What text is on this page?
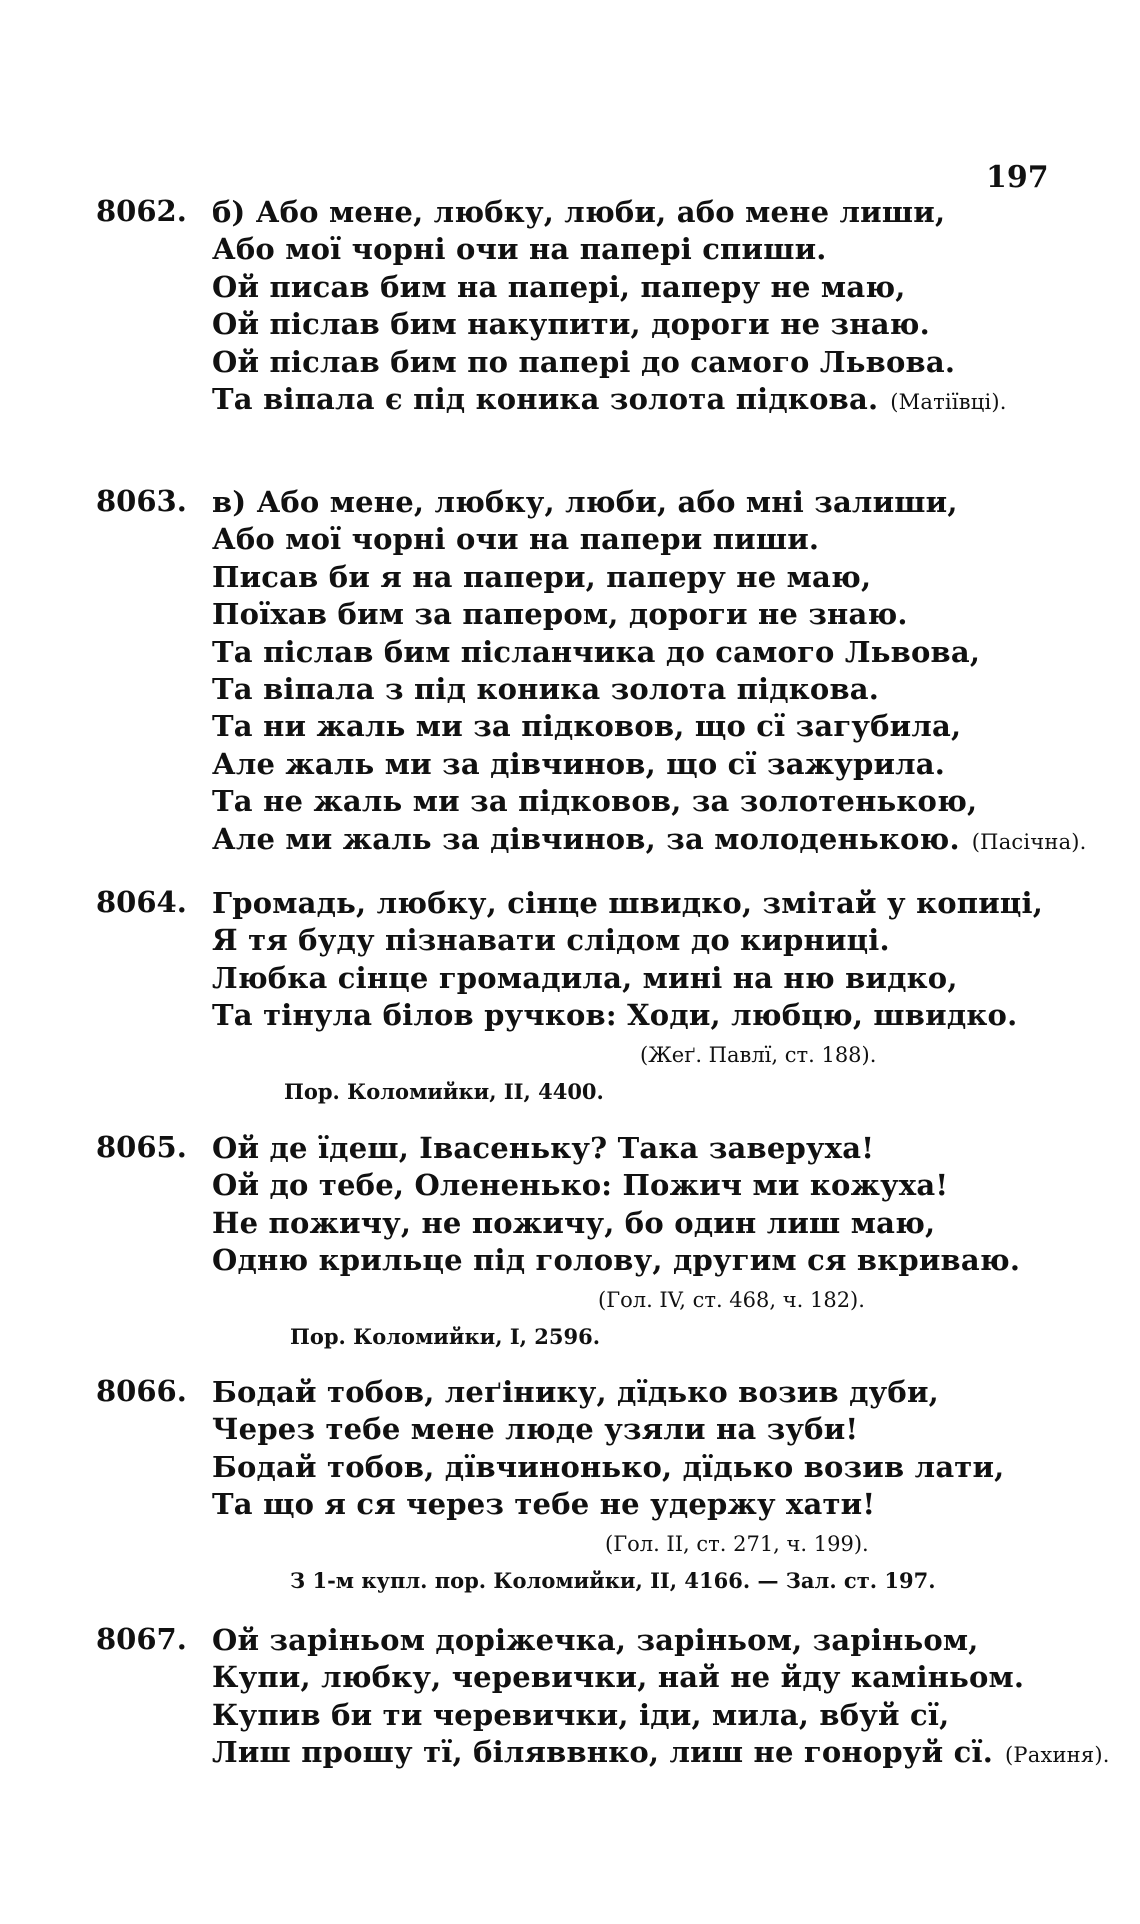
197
8062. б) Або мене, любку, люби, або мене лиши,
Або мої чорні очи на папері спиши.
Ой писав бим на папері, паперу не маю,
Ой післав бим накупити, дороги не знаю.
Ой післав бим по папері до самого Львова.
Та віпала є під коника золота підкова. (Матіївці).
8063. в) Або мене, любку, люби, або мні залиши,
Або мої чорні очи на папери пиши.
Писав би я на папери, паперу не маю,
Поїхав бим за папером, дороги не знаю.
Та післав бим післанчика до самого Львова,
Та віпала з під коника золота підкова.
Та ни жаль ми за підковов, що сї загубила,
Але жаль ми за дівчинов, що сї зажурила.
Та не жаль ми за підковов, за золотенькою,
Але ми жаль за дівчинов, за молоденькою. (Пасічна).
8064. Громадь, любку, сінце швидко, змітай у копиці,
Я тя буду пізнавати слідом до кирниці.
Любка сінце громадила, мині на ню видко,
Та тінула білов ручков: Ходи, любцю, швидко.
(Жеґ. Павлї, ст. 188).
Пор. Коломийки, II, 4400.
8065. Ой де їдеш, Івасеньку? Така завeруха!
Ой до тебе, Олененько: Пожич ми кожуха!
Не пожичу, не пожичу, бо один лиш маю,
Одню крильце під голову, другим ся вкриваю.
(Гол. IV, ст. 468, ч. 182).
Пор. Коломийки, I, 2596.
8066. Бодай тобов, леґінику, дїдько возив дуби,
Через тебе мене люде узяли на зуби!
Бодай тобов, дївчинонько, дїдько возив лати,
Та що я ся через тебе не удержу хати!
(Гол. II, ст. 271, ч. 199).
З 1-м купл. пор. Коломийки, II, 4166. — Зал. ст. 197.
8067. Ой заріньом доріжечка, заріньом, заріньом,
Купи, любку, черевички, най не йду каміньом.
Купив би ти черевички, іди, мила, вбуй сї,
Лиш прошу тї, біляввнко, лиш не гонoруй сї. (Рахиня).
